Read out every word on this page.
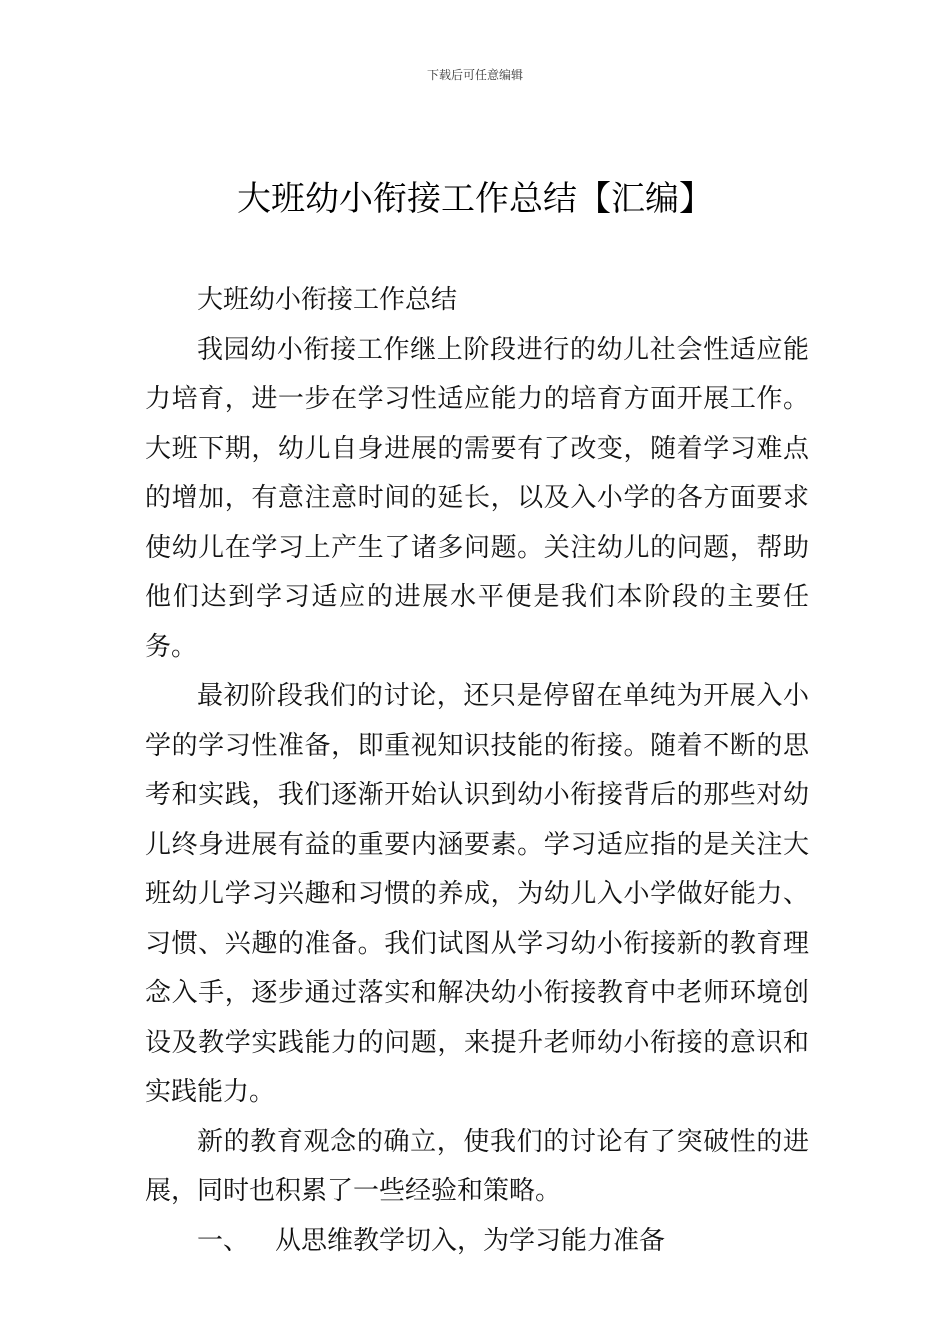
下载后可任意编辑
大班幼小衔接工作总结【汇编】

大班幼小衔接工作总结

我园幼小衔接工作继上阶段进行的幼儿社会性适应能力培育，进一步在学习性适应能力的培育方面开展工作。大班下期，幼儿自身进展的需要有了改变，随着学习难点的增加，有意注意时间的延长，以及入小学的各方面要求使幼儿在学习上产生了诸多问题。关注幼儿的问题，帮助他们达到学习适应的进展水平便是我们本阶段的主要任务。

最初阶段我们的讨论，还只是停留在单纯为开展入小学的学习性准备，即重视知识技能的衔接。随着不断的思考和实践，我们逐渐开始认识到幼小衔接背后的那些对幼儿终身进展有益的重要内涵要素。学习适应指的是关注大班幼儿学习兴趣和习惯的养成，为幼儿入小学做好能力、习惯、兴趣的准备。我们试图从学习幼小衔接新的教育理念入手，逐步通过落实和解决幼小衔接教育中老师环境创设及教学实践能力的问题，来提升老师幼小衔接的意识和实践能力。

新的教育观念的确立，使我们的讨论有了突破性的进展，同时也积累了一些经验和策略。

一、 从思维教学切入，为学习能力准备
